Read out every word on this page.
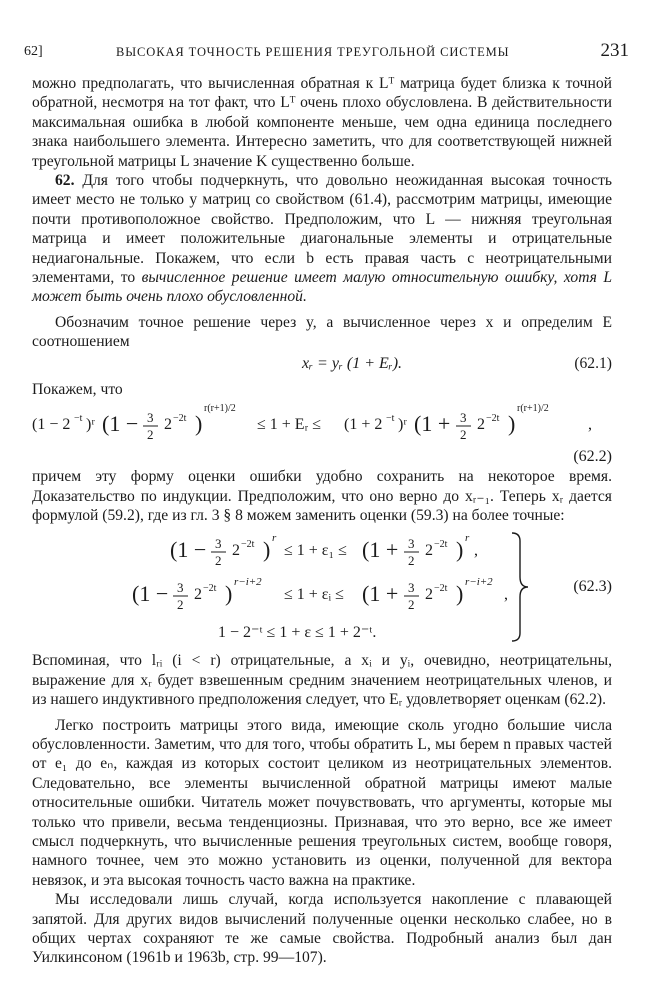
62]	ВЫСОКАЯ ТОЧНОСТЬ РЕШЕНИЯ ТРЕУГОЛЬНОЙ СИСТЕМЫ	231
можно предполагать, что вычисленная обратная к Lᵀ матрица будет близка к точной обратной, несмотря на тот факт, что Lᵀ очень плохо обусловлена. В действительности максимальная ошибка в любой компоненте меньше, чем одна единица последнего знака наибольшего элемента. Интересно заметить, что для соответствующей нижней треугольной матрицы L значение K существенно больше.
62. Для того чтобы подчеркнуть, что довольно неожиданная высокая точность имеет место не только у матриц со свойством (61.4), рассмотрим матрицы, имеющие почти противоположное свойство. Предположим, что L — нижняя треугольная матрица и имеет положительные диагональные элементы и отрицательные недиагональные. Покажем, что если b есть правая часть с неотрицательными элементами, то вычисленное решение имеет малую относительную ошибку, хотя L может быть очень плохо обусловленной.
Обозначим точное решение через y, а вычисленное через x и определим E соотношением
xᵣ = yᵣ (1 + Eᵣ).	(62.1)
Покажем, что
(1 − 2 −t )ʳ (1 − 3
2
2 −2t )
r(r+1)/2
≤ 1 + Eᵣ ≤ (1 + 2 −t )ʳ (1 + 3
2
2 −2t )
r(r+1)/2
,
(62.2)
причем эту форму оценки ошибки удобно сохранить на некоторое время. Доказательство по индукции. Предположим, что оно верно до xᵣ₋₁. Теперь xᵣ дается формулой (59.2), где из гл. 3 § 8 можем заменить оценки (59.3) на более точные:
(1 − 3
2
2 −2t ) r
≤ 1 + ε₁ ≤ (1 + 3
2
2 −2t ) r
,
(1 − 3
2
2 −2t ) r−i+2
≤ 1 + εᵢ ≤ (1 + 3
2
2 −2t ) r−i+2
,
1 − 2⁻ᵗ ≤ 1 + ε ≤ 1 + 2⁻ᵗ.
(62.3)
Вспоминая, что lᵣᵢ (i < r) отрицательные, а xᵢ и yᵢ, очевидно, неотрицательны, выражение для xᵣ будет взвешенным средним значением неотрицательных членов, и из нашего индуктивного предположения следует, что Eᵣ удовлетворяет оценкам (62.2).
Легко построить матрицы этого вида, имеющие сколь угодно большие числа обусловленности. Заметим, что для того, чтобы обратить L, мы берем n правых частей от e₁ до eₙ, каждая из которых состоит целиком из неотрицательных элементов. Следовательно, все элементы вычисленной обратной матрицы имеют малые относительные ошибки. Читатель может почувствовать, что аргументы, которые мы только что привели, весьма тенденциозны. Признавая, что это верно, все же имеет смысл подчеркнуть, что вычисленные решения треугольных систем, вообще говоря, намного точнее, чем это можно установить из оценки, полученной для вектора невязок, и эта высокая точность часто важна на практике.
Мы исследовали лишь случай, когда используется накопление с плавающей запятой. Для других видов вычислений полученные оценки несколько слабее, но в общих чертах сохраняют те же самые свойства. Подробный анализ был дан Уилкинсоном (1961b и 1963b, стр. 99—107).
